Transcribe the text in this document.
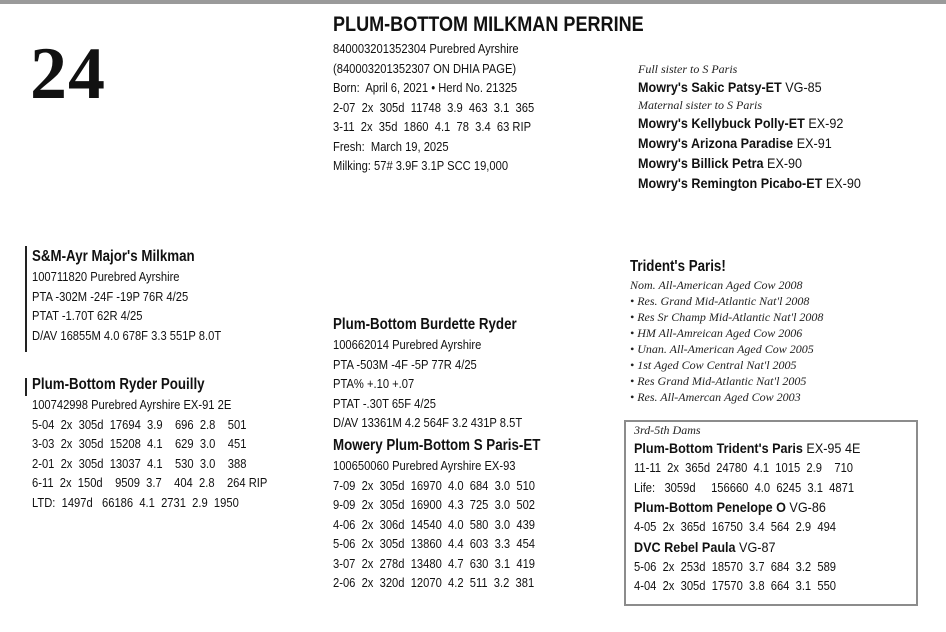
24
PLUM-BOTTOM MILKMAN PERRINE
840003201352304 Purebred Ayrshire
(840003201352307 ON DHIA PAGE)
Born:  April 6, 2021 • Herd No. 21325
2-07  2x  305d  11748  3.9  463  3.1  365
3-11  2x  35d  1860  4.1  78  3.4  63 RIP
Fresh:  March 19, 2025
Milking: 57# 3.9F 3.1P SCC 19,000
Full sister to S Paris
Mowry's Sakic Patsy-ET VG-85
Maternal sister to S Paris
Mowry's Kellybuck Polly-ET EX-92
Mowry's Arizona Paradise EX-91
Mowry's Billick Petra EX-90
Mowry's Remington Picabo-ET EX-90
S&M-Ayr Major's Milkman
100711820 Purebred Ayrshire
PTA -302M -24F -19P 76R 4/25
PTAT -1.70T 62R 4/25
D/AV 16855M 4.0 678F 3.3 551P 8.0T
Plum-Bottom Ryder Pouilly
100742998 Purebred Ayrshire EX-91 2E
5-04  2x  305d  17694  3.9    696  2.8    501
3-03  2x  305d  15208  4.1    629  3.0    451
2-01  2x  305d  13037  4.1    530  3.0    388
6-11  2x  150d    9509  3.7    404  2.8    264 RIP
LTD:  1497d   66186  4.1  2731  2.9  1950
Plum-Bottom Burdette Ryder
100662014 Purebred Ayrshire
PTA -503M -4F -5P 77R 4/25
PTA% +.10 +.07
PTAT -.30T 65F 4/25
D/AV 13361M 4.2 564F 3.2 431P 8.5T
Mowery Plum-Bottom S Paris-ET
100650060 Purebred Ayrshire EX-93
7-09  2x  305d  16970  4.0  684  3.0  510
9-09  2x  305d  16900  4.3  725  3.0  502
4-06  2x  306d  14540  4.0  580  3.0  439
5-06  2x  305d  13860  4.4  603  3.3  454
3-07  2x  278d  13480  4.7  630  3.1  419
2-06  2x  320d  12070  4.2  511  3.2  381
Trident's Paris!
Nom. All-American Aged Cow 2008
• Res. Grand Mid-Atlantic Nat'l 2008
• Res Sr Champ Mid-Atlantic Nat'l 2008
• HM All-Amreican Aged Cow 2006
• Unan. All-American Aged Cow 2005
• 1st Aged Cow Central Nat'l 2005
• Res Grand Mid-Atlantic Nat'l 2005
• Res. All-Amercan Aged Cow 2003
3rd-5th Dams
Plum-Bottom Trident's Paris EX-95 4E
11-11  2x  365d  24780  4.1  1015  2.9    710
Life:   3059d     156660  4.0  6245  3.1  4871
Plum-Bottom Penelope O VG-86
4-05  2x  365d  16750  3.4  564  2.9  494
DVC Rebel Paula VG-87
5-06  2x  253d  18570  3.7  684  3.2  589
4-04  2x  305d  17570  3.8  664  3.1  550
